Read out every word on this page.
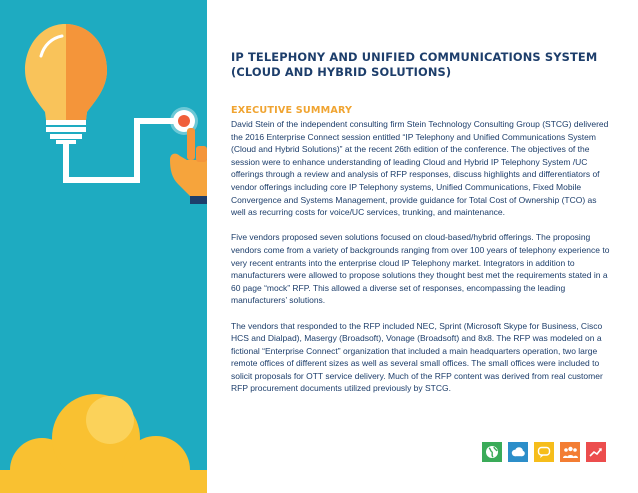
IP TELEPHONY AND UNIFIED COMMUNICATIONS SYSTEM (CLOUD AND HYBRID SOLUTIONS)
EXECUTIVE SUMMARY

David Stein of the independent consulting firm Stein Technology Consulting Group (STCG) delivered the 2016 Enterprise Connect session entitled “IP Telephony and Unified Communications System (Cloud and Hybrid Solutions)” at the recent 26th edition of the conference. The objectives of the session were to enhance understanding of leading Cloud and Hybrid IP Telephony System /UC offerings through a review and analysis of RFP responses, discuss highlights and differentiators of vendor offerings including core IP Telephony systems, Unified Communications, Fixed Mobile Convergence and Systems Management, provide guidance for Total Cost of Ownership (TCO) as well as recurring costs for voice/UC services, trunking, and maintenance.

Five vendors proposed seven solutions focused on cloud-based/hybrid offerings. The proposing vendors come from a variety of backgrounds ranging from over 100 years of telephony experience to very recent entrants into the enterprise cloud IP Telephony market. Integrators in addition to manufacturers were allowed to propose solutions they thought best met the requirements stated in a 60 page “mock” RFP. This allowed a diverse set of responses, encompassing the leading manufacturers’ solutions.

The vendors that responded to the RFP included NEC, Sprint (Microsoft Skype for Business, Cisco HCS and Dialpad), Masergy (Broadsoft), Vonage (Broadsoft) and 8x8. The RFP was modeled on a fictional “Enterprise Connect” organization that included a main headquarters operation, two large remote offices of different sizes as well as several small offices. The small offices were included to solicit proposals for OTT service delivery. Much of the RFP content was derived from real customer RFP procurement documents utilized previously by STCG.
